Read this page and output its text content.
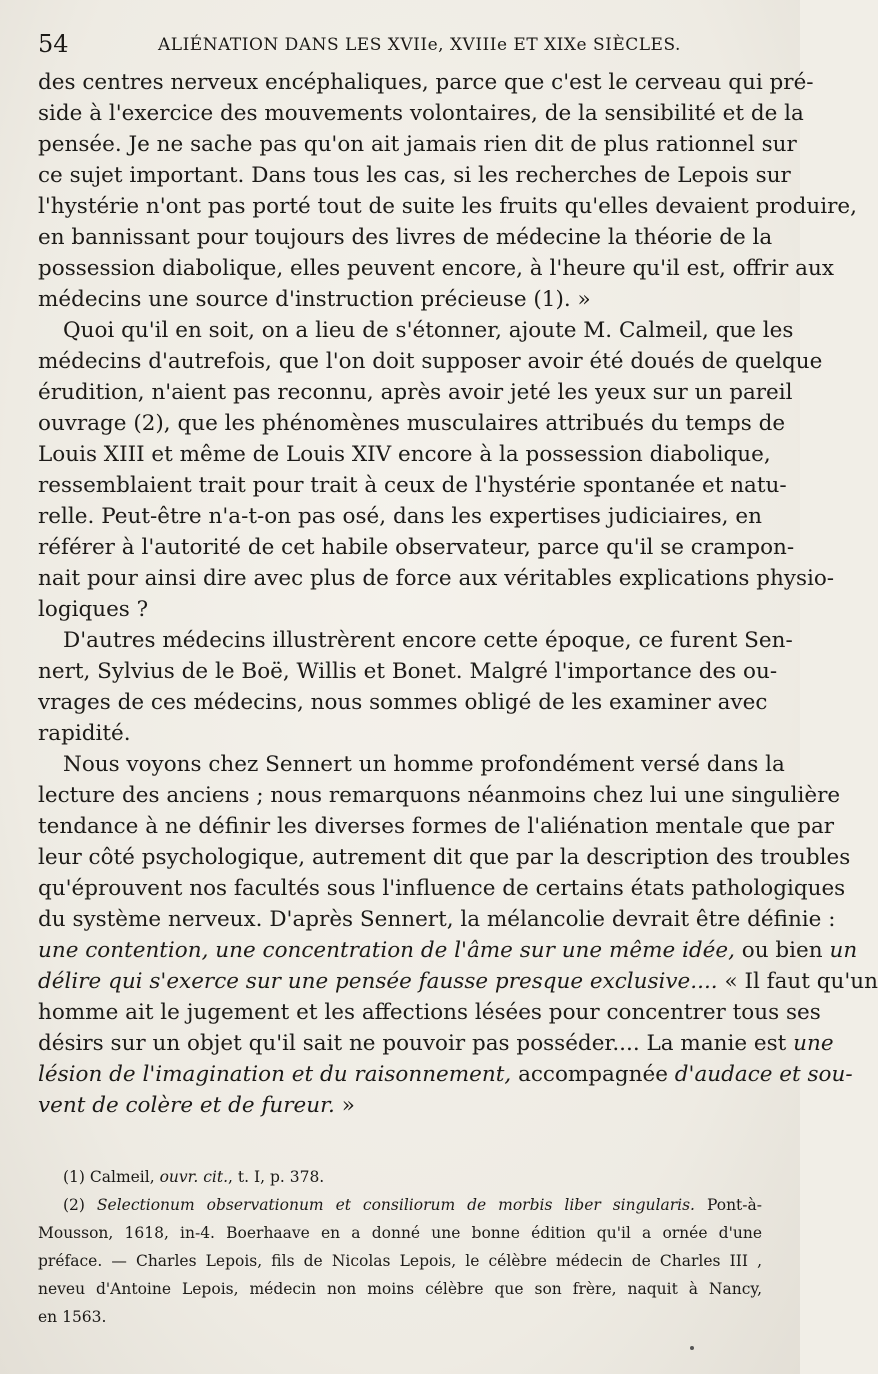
54	ALIÉNATION DANS LES XVIIe, XVIIIe ET XIXe SIÈCLES.
des centres nerveux encéphaliques, parce que c'est le cerveau qui pré-
side à l'exercice des mouvements volontaires, de la sensibilité et de la
pensée. Je ne sache pas qu'on ait jamais rien dit de plus rationnel sur
ce sujet important. Dans tous les cas, si les recherches de Lepois sur
l'hystérie n'ont pas porté tout de suite les fruits qu'elles devaient produire,
en bannissant pour toujours des livres de médecine la théorie de la
possession diabolique, elles peuvent encore, à l'heure qu'il est, offrir aux
médecins une source d'instruction précieuse (1). »
Quoi qu'il en soit, on a lieu de s'étonner, ajoute M. Calmeil, que les
médecins d'autrefois, que l'on doit supposer avoir été doués de quelque
érudition, n'aient pas reconnu, après avoir jeté les yeux sur un pareil
ouvrage (2), que les phénomènes musculaires attribués du temps de
Louis XIII et même de Louis XIV encore à la possession diabolique,
ressemblaient trait pour trait à ceux de l'hystérie spontanée et natu-
relle. Peut-être n'a-t-on pas osé, dans les expertises judiciaires, en
référer à l'autorité de cet habile observateur, parce qu'il se crampon-
nait pour ainsi dire avec plus de force aux véritables explications physio-
logiques ?
D'autres médecins illustrèrent encore cette époque, ce furent Sen-
nert, Sylvius de le Boë, Willis et Bonet. Malgré l'importance des ou-
vrages de ces médecins, nous sommes obligé de les examiner avec
rapidité.
Nous voyons chez Sennert un homme profondément versé dans la
lecture des anciens ; nous remarquons néanmoins chez lui une singulière
tendance à ne définir les diverses formes de l'aliénation mentale que par
leur côté psychologique, autrement dit que par la description des troubles
qu'éprouvent nos facultés sous l'influence de certains états pathologiques
du système nerveux. D'après Sennert, la mélancolie devrait être définie :
une contention, une concentration de l'âme sur une même idée, ou bien un
délire qui s'exerce sur une pensée fausse presque exclusive.... « Il faut qu'un
homme ait le jugement et les affections lésées pour concentrer tous ses
désirs sur un objet qu'il sait ne pouvoir pas posséder.... La manie est une
lésion de l'imagination et du raisonnement, accompagnée d'audace et sou-
vent de colère et de fureur. »
(1) Calmeil, ouvr. cit., t. I, p. 378.
(2) Selectionum observationum et consiliorum de morbis liber singularis. Pont-à-
Mousson, 1618, in-4. Boerhaave en a donné une bonne édition qu'il a ornée d'une
préface. — Charles Lepois, fils de Nicolas Lepois, le célèbre médecin de Charles III ,
neveu d'Antoine Lepois, médecin non moins célèbre que son frère, naquit à Nancy,
en 1563.
